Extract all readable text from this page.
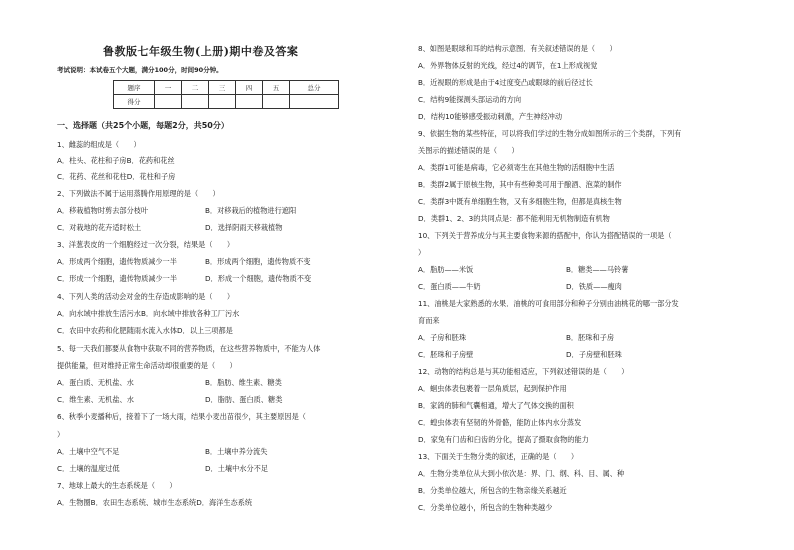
鲁教版七年级生物(上册)期中卷及答案
考试说明：本试卷五个大题，满分100分，时间90分钟。
题序	一	二	三	四	五	总分
得分						
一、选择题（共25个小题，每题2分，共50分）
1、雌蕊的组成是（　　）
A．柱头、花柱和子房B．花药和花丝
C．花药、花丝和花柱D．花柱和子房
2、下列做法不属于运用蒸腾作用原理的是（　　）
A．移栽植物时剪去部分枝叶	B．对移栽后的植物进行遮阳
C．对栽地的花卉适时松土	D．选择阴雨天移栽植物
3、洋葱表皮的一个细胞经过一次分裂，结果是（　　）
A．形成两个细胞，遗传物质减少一半	B．形成两个细胞，遗传物质不变
C．形成一个细胞，遗传物质减少一半	D．形成一个细胞，遗传物质不变
4、下列人类的活动会对金的生存造成影响的是（　　）
A．向水域中排放生活污水B．向水域中排放各种工厂污水
C．农田中农药和化肥随雨水流入水体D．以上三项都是
5、每一天我们都要从食物中获取不同的营养物质，在这些营养物质中，不能为人体
提供能量，但对维持正常生命活动却很重要的是（　　）
A．蛋白质、无机盐、水	B．脂肪、维生素、糖类
C．维生素、无机盐、水	D．脂肪、蛋白质、糖类
6、秋季小麦播种后，接着下了一场大雨，结果小麦出苗很少，其主要原因是（
）
A．土壤中空气不足	B．土壤中养分流失
C．土壤的温度过低	D．土壤中水分不足
7、地球上最大的生态系统是（　　）
A．生物圈B．农田生态系统、城市生态系统D．海洋生态系统
8、如图是眼球和耳的结构示意图．有关叙述错误的是（　　）
A．外界物体反射的光线，经过4的调节，在1上形成视觉
B．近视眼的形成是由于4过度变凸或眼球的前后径过长
C．结构9能探测头部运动的方向
D．结构10能够感受振动刺激，产生神经冲动
9、依据生物的某些特征，可以将我们学过的生物分成如图所示的三个类群，下列有
关图示的描述错误的是（　　）
A．类群1可能是病毒，它必须寄生在其他生物的活细胞中生活
B．类群2属于原核生物，其中有些种类可用于酿酒、泡菜的制作
C．类群3中既有单细胞生物，又有多细胞生物，但都是真核生物
D．类群1、2、3的共同点是：都不能利用无机物制造有机物
10、下列关于营养成分与其主要食物来源的搭配中，你认为搭配错误的一项是（
）
A．脂肪——米饭	B．糖类——马铃薯
C．蛋白质——牛奶	D．铁质——瘦肉
11、油桃是大家熟悉的水果．油桃的可食用部分和种子分别由油桃花的哪一部分发
育而来
A．子房和胚珠	B．胚珠和子房
C．胚珠和子房壁	D．子房壁和胚珠
12、动物的结构总是与其功能相适应，下列叙述错误的是（　　）
A．蛔虫体表包裹着一层角质层，起到保护作用
B．家鸽的肺和气囊相通，增大了气体交换的面积
C．蝗虫体表有坚韧的外骨骼，能防止体内水分蒸发
D．家兔有门齿和臼齿的分化，提高了摄取食物的能力
13、下面关于生物分类的叙述，正确的是（　　）
A．生物分类单位从大到小依次是：界、门、纲、科、目、属、种
B．分类单位越大，所包含的生物亲缘关系越近
C．分类单位越小，所包含的生物种类越少
